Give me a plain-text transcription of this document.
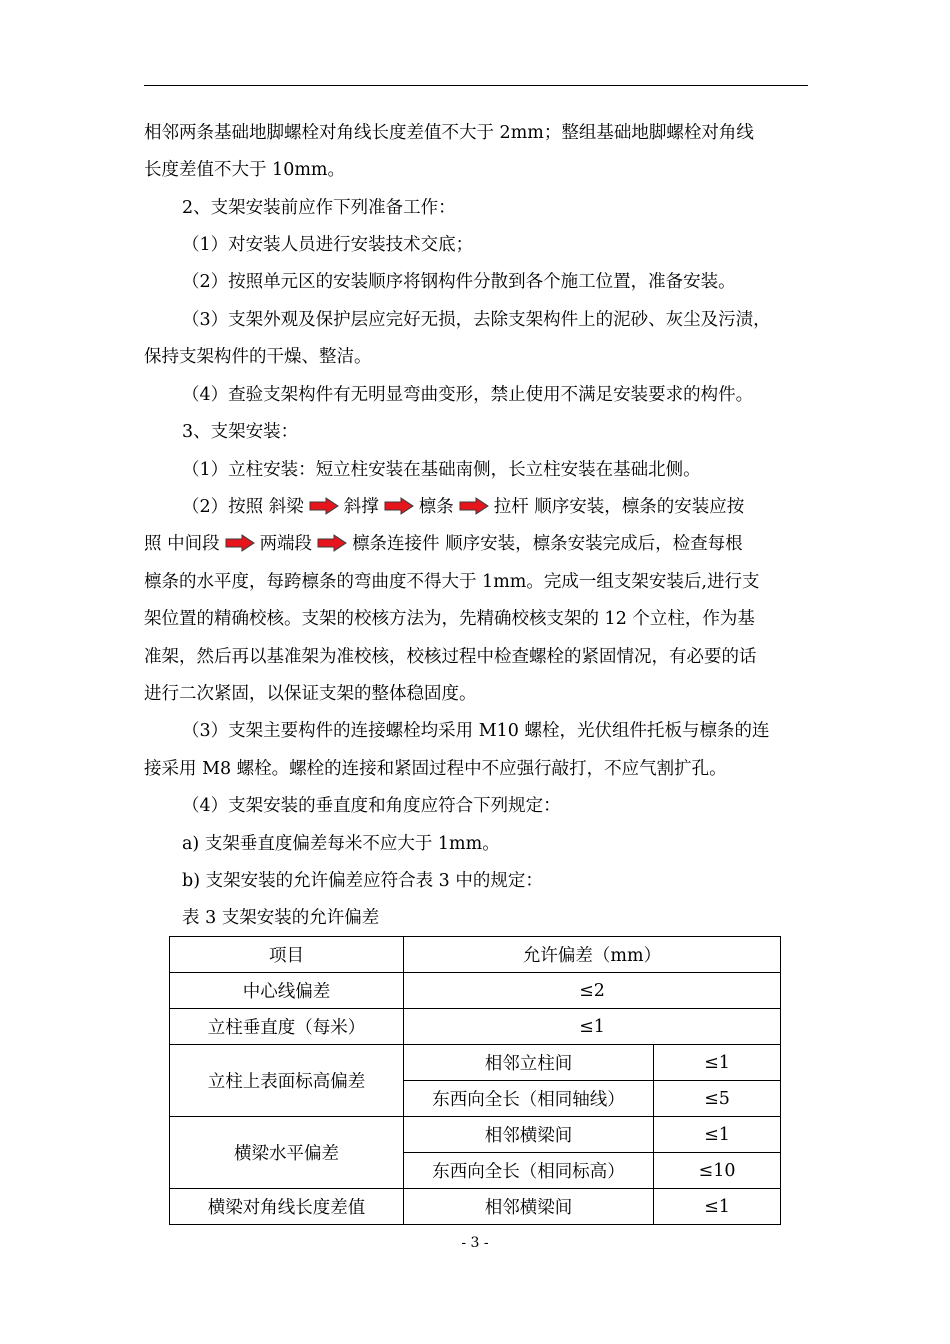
相邻两条基础地脚螺栓对角线长度差值不大于 2mm；整组基础地脚螺栓对角线
长度差值不大于 10mm。
2、支架安装前应作下列准备工作：
（1）对安装人员进行安装技术交底；
（2）按照单元区的安装顺序将钢构件分散到各个施工位置，准备安装。
（3）支架外观及保护层应完好无损，去除支架构件上的泥砂、灰尘及污渍，
保持支架构件的干燥、整洁。
（4）查验支架构件有无明显弯曲变形，禁止使用不满足安装要求的构件。
3、支架安装：
（1）立柱安装：短立柱安装在基础南侧，长立柱安装在基础北侧。
（2）按照 斜梁 斜撑 檩条 拉杆 顺序安装，檩条的安装应按
照 中间段 两端段 檩条连接件 顺序安装，檩条安装完成后，检查每根
檩条的水平度，每跨檩条的弯曲度不得大于 1mm。完成一组支架安装后,进行支
架位置的精确校核。支架的校核方法为，先精确校核支架的 12 个立柱，作为基
准架，然后再以基准架为准校核，校核过程中检查螺栓的紧固情况，有必要的话
进行二次紧固，以保证支架的整体稳固度。
（3）支架主要构件的连接螺栓均采用 M10 螺栓，光伏组件托板与檩条的连
接采用 M8 螺栓。螺栓的连接和紧固过程中不应强行敲打，不应气割扩孔。
（4）支架安装的垂直度和角度应符合下列规定：
a) 支架垂直度偏差每米不应大于 1mm。
b) 支架安装的允许偏差应符合表 3 中的规定：
表 3 支架安装的允许偏差
项目	允许偏差（mm）	
中心线偏差	≤2	
立柱垂直度（每米）	≤1	
立柱上表面标高偏差	相邻立柱间	≤1
	东西向全长（相同轴线）	≤5
横梁水平偏差	相邻横梁间	≤1
	东西向全长（相同标高）	≤10
横梁对角线长度差值	相邻横梁间	≤1
- 3 -
